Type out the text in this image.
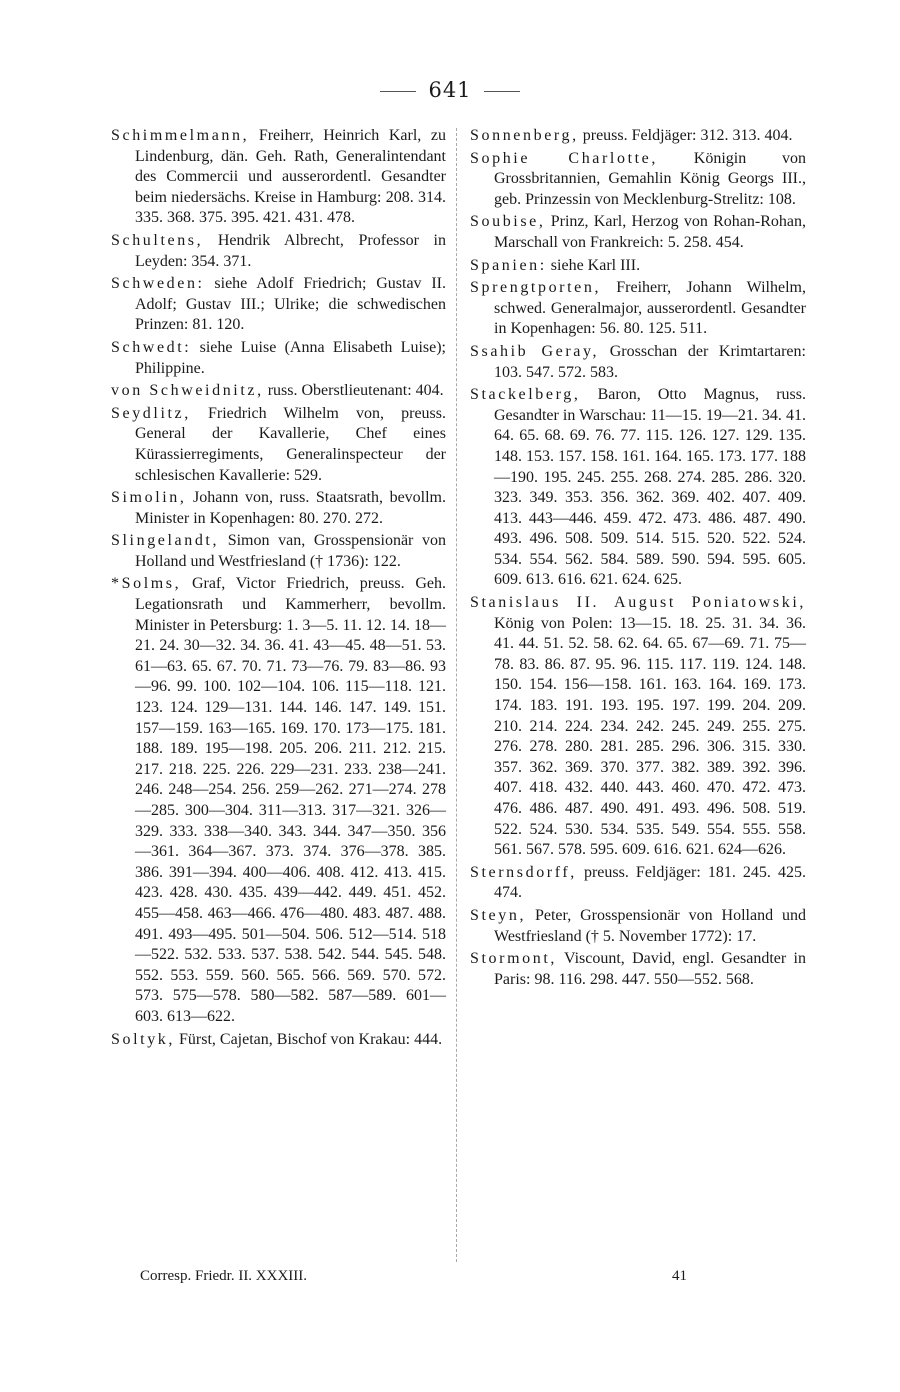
641
Schimmelmann, Freiherr, Heinrich Karl, zu Lindenburg, dän. Geh. Rath, Generalintendant des Commercii und ausserordentl. Gesandter beim niedersächs. Kreise in Hamburg: 208. 314. 335. 368. 375. 395. 421. 431. 478.
Schultens, Hendrik Albrecht, Professor in Leyden: 354. 371.
Schweden: siehe Adolf Friedrich; Gustav II. Adolf; Gustav III.; Ulrike; die schwedischen Prinzen: 81. 120.
Schwedt: siehe Luise (Anna Elisabeth Luise); Philippine.
von Schweidnitz, russ. Oberstlieutenant: 404.
Seydlitz, Friedrich Wilhelm von, preuss. General der Kavallerie, Chef eines Kürassierregiments, Generalinspecteur der schlesischen Kavallerie: 529.
Simolin, Johann von, russ. Staatsrath, bevollm. Minister in Kopenhagen: 80. 270. 272.
Slingelandt, Simon van, Grosspensionär von Holland und Westfriesland († 1736): 122.
*Solms, Graf, Victor Friedrich, preuss. Geh. Legationsrath und Kammerherr, bevollm. Minister in Petersburg: 1. 3—5. 11. 12. 14. 18—21. 24. 30—32. 34. 36. 41. 43—45. 48—51. 53. 61—63. 65. 67. 70. 71. 73—76. 79. 83—86. 93—96. 99. 100. 102—104. 106. 115—118. 121. 123. 124. 129—131. 144. 146. 147. 149. 151. 157—159. 163—165. 169. 170. 173—175. 181. 188. 189. 195—198. 205. 206. 211. 212. 215. 217. 218. 225. 226. 229—231. 233. 238—241. 246. 248—254. 256. 259—262. 271—274. 278—285. 300—304. 311—313. 317—321. 326—329. 333. 338—340. 343. 344. 347—350. 356—361. 364—367. 373. 374. 376—378. 385. 386. 391—394. 400—406. 408. 412. 413. 415. 423. 428. 430. 435. 439—442. 449. 451. 452. 455—458. 463—466. 476—480. 483. 487. 488. 491. 493—495. 501—504. 506. 512—514. 518—522. 532. 533. 537. 538. 542. 544. 545. 548. 552. 553. 559. 560. 565. 566. 569. 570. 572. 573. 575—578. 580—582. 587—589. 601—603. 613—622.
Soltyk, Fürst, Cajetan, Bischof von Krakau: 444.
Sonnenberg, preuss. Feldjäger: 312. 313. 404.
Sophie Charlotte, Königin von Grossbritannien, Gemahlin König Georgs III., geb. Prinzessin von Mecklenburg-Strelitz: 108.
Soubise, Prinz, Karl, Herzog von Rohan-Rohan, Marschall von Frankreich: 5. 258. 454.
Spanien: siehe Karl III.
Sprengtporten, Freiherr, Johann Wilhelm, schwed. Generalmajor, ausserordentl. Gesandter in Kopenhagen: 56. 80. 125. 511.
Ssahib Geray, Grosschan der Krimtartaren: 103. 547. 572. 583.
Stackelberg, Baron, Otto Magnus, russ. Gesandter in Warschau: 11—15. 19—21. 34. 41. 64. 65. 68. 69. 76. 77. 115. 126. 127. 129. 135. 148. 153. 157. 158. 161. 164. 165. 173. 177. 188—190. 195. 245. 255. 268. 274. 285. 286. 320. 323. 349. 353. 356. 362. 369. 402. 407. 409. 413. 443—446. 459. 472. 473. 486. 487. 490. 493. 496. 508. 509. 514. 515. 520. 522. 524. 534. 554. 562. 584. 589. 590. 594. 595. 605. 609. 613. 616. 621. 624. 625.
Stanislaus II. August Poniatowski, König von Polen: 13—15. 18. 25. 31. 34. 36. 41. 44. 51. 52. 58. 62. 64. 65. 67—69. 71. 75—78. 83. 86. 87. 95. 96. 115. 117. 119. 124. 148. 150. 154. 156—158. 161. 163. 164. 169. 173. 174. 183. 191. 193. 195. 197. 199. 204. 209. 210. 214. 224. 234. 242. 245. 249. 255. 275. 276. 278. 280. 281. 285. 296. 306. 315. 330. 357. 362. 369. 370. 377. 382. 389. 392. 396. 407. 418. 432. 440. 443. 460. 470. 472. 473. 476. 486. 487. 490. 491. 493. 496. 508. 519. 522. 524. 530. 534. 535. 549. 554. 555. 558. 561. 567. 578. 595. 609. 616. 621. 624—626.
Sternsdorff, preuss. Feldjäger: 181. 245. 425. 474.
Steyn, Peter, Grosspensionär von Holland und Westfriesland († 5. November 1772): 17.
Stormont, Viscount, David, engl. Gesandter in Paris: 98. 116. 298. 447. 550—552. 568.
Corresp. Friedr. II. XXXIII.	41
